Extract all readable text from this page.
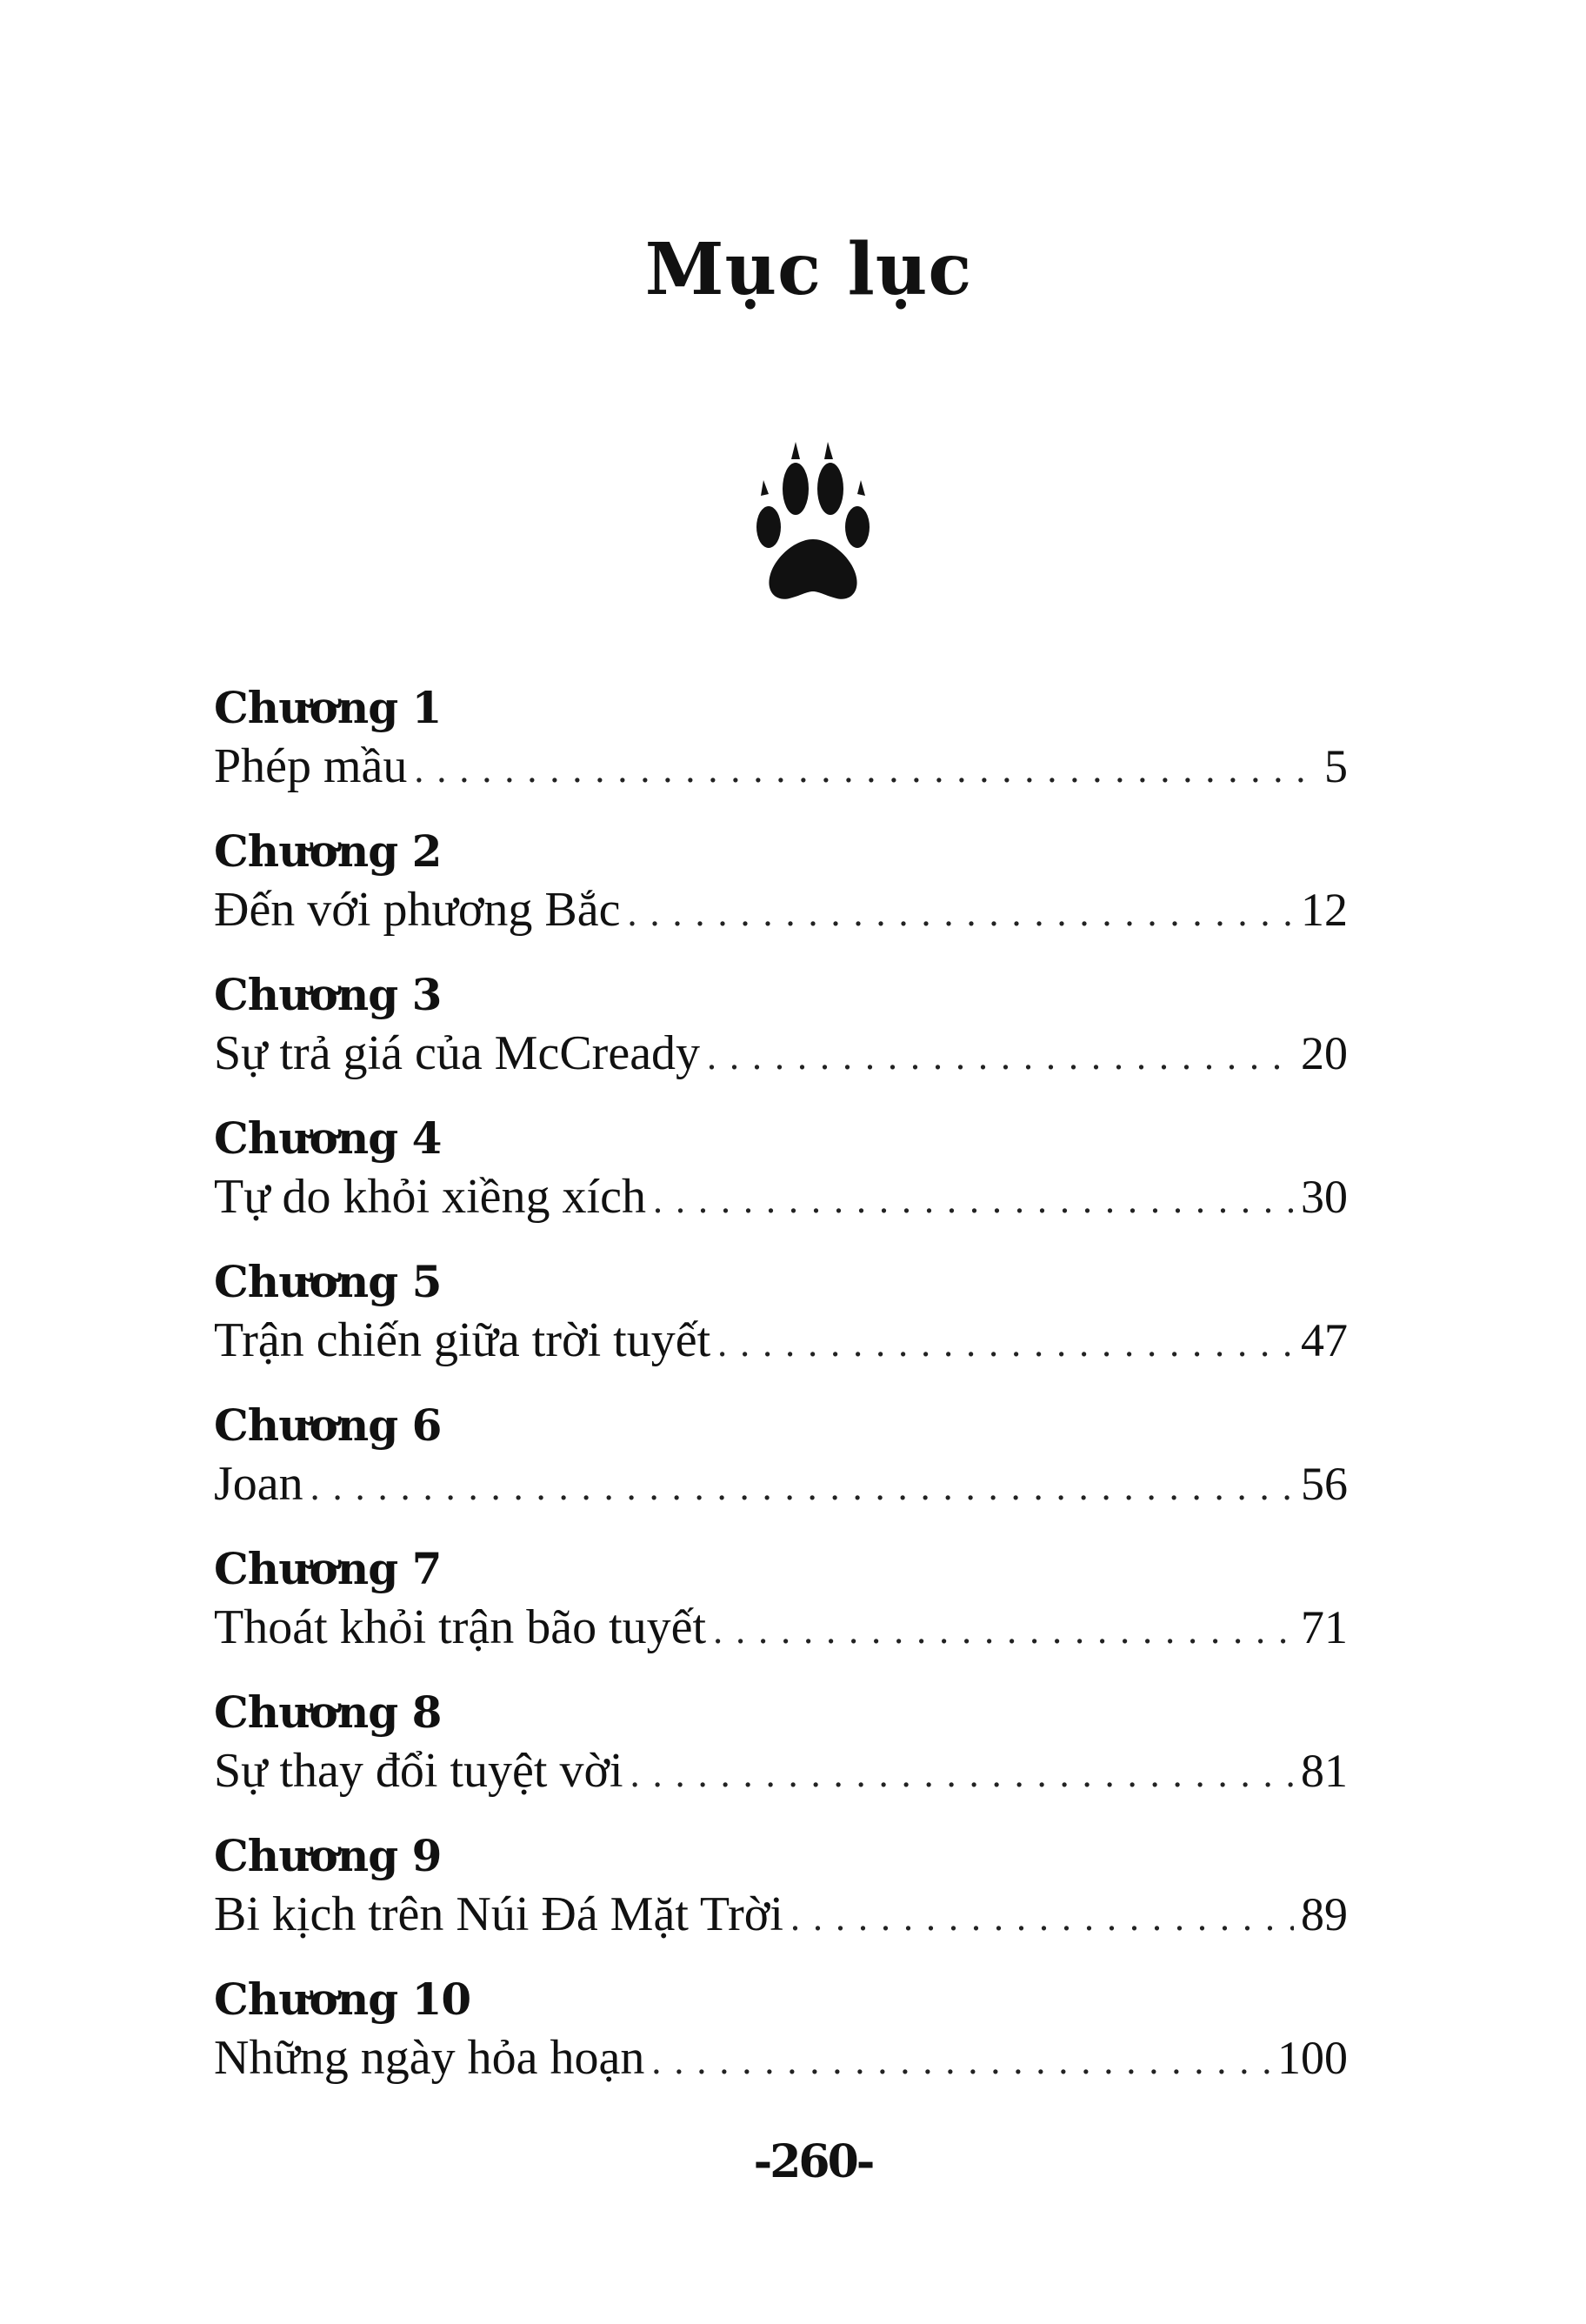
Mục lục
Chương 1
Phép mầu . . .	5
Chương 2
Đến với phương Bắc . . .	12
Chương 3
Sự trả giá của McCready . . .	20
Chương 4
Tự do khỏi xiềng xích . . .	30
Chương 5
Trận chiến giữa trời tuyết . . .	47
Chương 6
Joan . . .	56
Chương 7
Thoát khỏi trận bão tuyết . . .	71
Chương 8
Sự thay đổi tuyệt vời . . .	81
Chương 9
Bi kịch trên Núi Đá Mặt Trời . . .	89
Chương 10
Những ngày hỏa hoạn . . .	100
-260-
